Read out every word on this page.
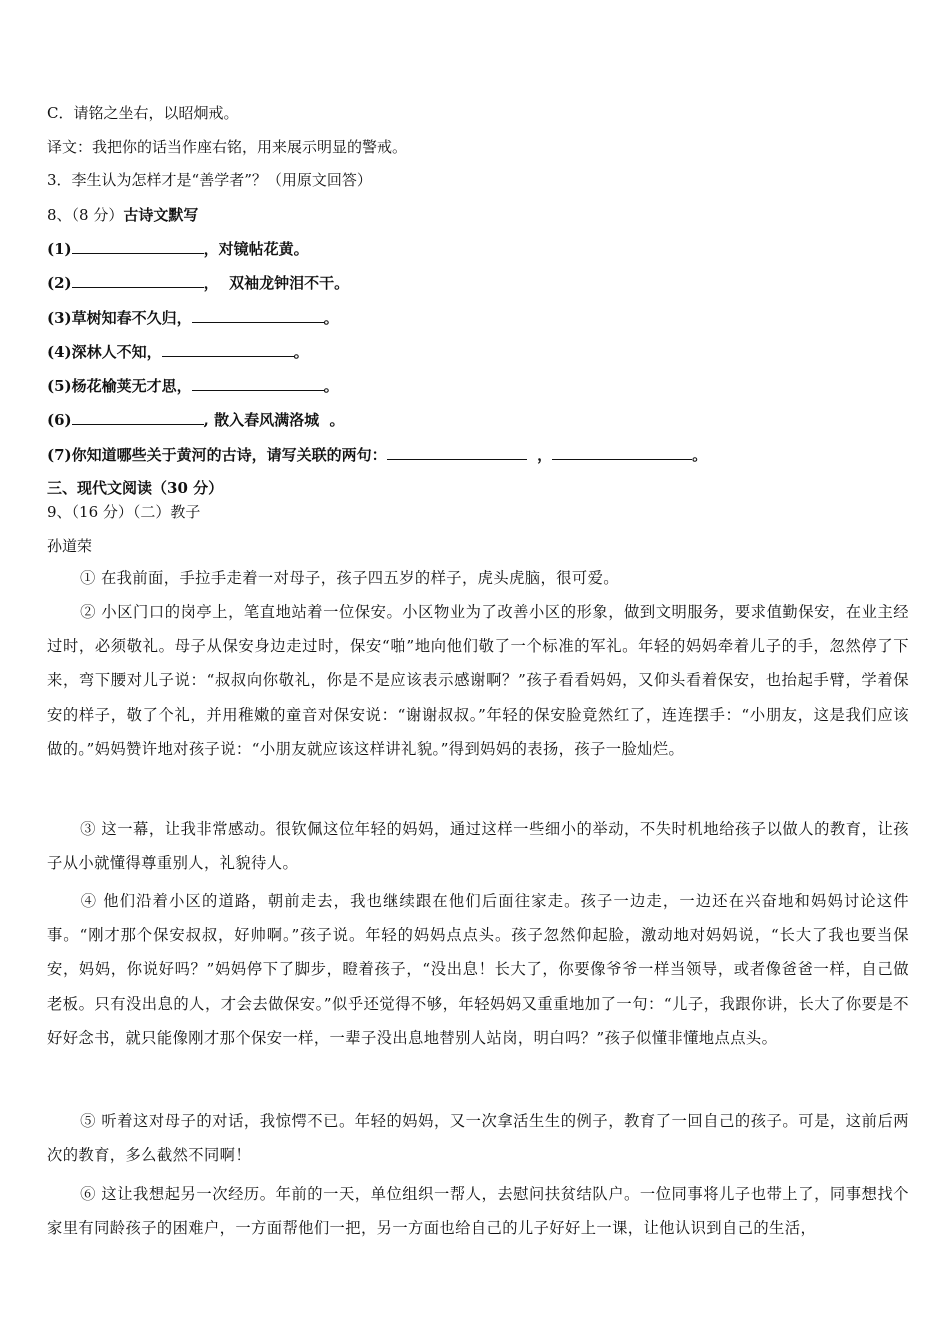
C．请铭之坐右，以昭炯戒。
译文：我把你的话当作座右铭，用来展示明显的警戒。
3．李生认为怎样才是“善学者”？（用原文回答）
8、（8 分）古诗文默写
(1)	，对镜帖花黄。
(2)	，  双袖龙钟泪不干。
(3)草树知春不久归，	。
(4)深林人不知，	。
(5)杨花榆荚无才思，	。
(6)	, 散入春风满洛城  。
(7)你知道哪些关于黄河的古诗，请写关联的两句：	，	。
三、现代文阅读（30 分）
9、（16 分）（二）教子
孙道荣
① 在我前面，手拉手走着一对母子，孩子四五岁的样子，虎头虎脑，很可爱。
② 小区门口的岗亭上，笔直地站着一位保安。小区物业为了改善小区的形象，做到文明服务，要求值勤保安，在业主经过时，必须敬礼。母子从保安身边走过时，保安“啪”地向他们敬了一个标准的军礼。年轻的妈妈牵着儿子的手，忽然停了下来，弯下腰对儿子说：“叔叔向你敬礼，你是不是应该表示感谢啊？”孩子看看妈妈，又仰头看着保安，也抬起手臂，学着保安的样子，敬了个礼，并用稚嫩的童音对保安说：“谢谢叔叔。”年轻的保安脸竟然红了，连连摆手：“小朋友，这是我们应该做的。”妈妈赞许地对孩子说：“小朋友就应该这样讲礼貌。”得到妈妈的表扬，孩子一脸灿烂。
③ 这一幕，让我非常感动。很钦佩这位年轻的妈妈，通过这样一些细小的举动，不失时机地给孩子以做人的教育，让孩子从小就懂得尊重别人，礼貌待人。
④ 他们沿着小区的道路，朝前走去，我也继续跟在他们后面往家走。孩子一边走，一边还在兴奋地和妈妈讨论这件事。“刚才那个保安叔叔，好帅啊。”孩子说。年轻的妈妈点点头。孩子忽然仰起脸，激动地对妈妈说，“长大了我也要当保安，妈妈，你说好吗？”妈妈停下了脚步，瞪着孩子，“没出息！长大了，你要像爷爷一样当领导，或者像爸爸一样，自己做老板。只有没出息的人，才会去做保安。”似乎还觉得不够，年轻妈妈又重重地加了一句：“儿子，我跟你讲，长大了你要是不好好念书，就只能像刚才那个保安一样，一辈子没出息地替别人站岗，明白吗？”孩子似懂非懂地点点头。
⑤ 听着这对母子的对话，我惊愕不已。年轻的妈妈，又一次拿活生生的例子，教育了一回自己的孩子。可是，这前后两次的教育，多么截然不同啊！
⑥ 这让我想起另一次经历。年前的一天，单位组织一帮人，去慰问扶贫结队户。一位同事将儿子也带上了，同事想找个家里有同龄孩子的困难户，一方面帮他们一把，另一方面也给自己的儿子好好上一课，让他认识到自己的生活，
